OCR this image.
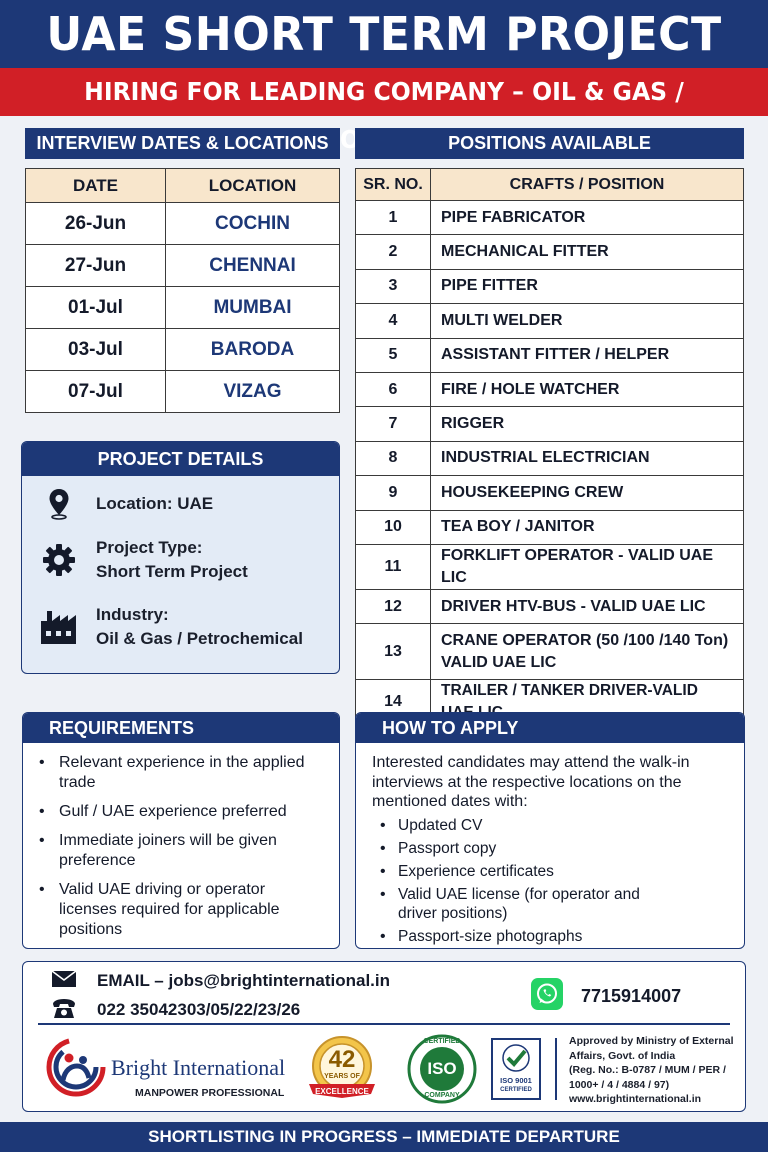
UAE SHORT TERM PROJECT
HIRING FOR LEADING COMPANY – OIL & GAS /
INTERVIEW DATES & LOCATIONS
DATE	LOCATION
26-Jun	COCHIN
27-Jun	CHENNAI
01-Jul	MUMBAI
03-Jul	BARODA
07-Jul	VIZAG
POSITIONS AVAILABLE
SR. NO.	CRAFTS / POSITION
1	PIPE FABRICATOR
2	MECHANICAL FITTER
3	PIPE FITTER
4	MULTI WELDER
5	ASSISTANT FITTER / HELPER
6	FIRE / HOLE WATCHER
7	RIGGER
8	INDUSTRIAL ELECTRICIAN
9	HOUSEKEEPING CREW
10	TEA BOY / JANITOR
11	FORKLIFT OPERATOR - VALID UAE LIC
12	DRIVER HTV-BUS - VALID UAE LIC
13	CRANE OPERATOR (50 /100 /140 Ton)
VALID UAE LIC

14	TRAILER / TANKER DRIVER-VALID
PROJECT DETAILS
Location: UAE
Project Type:
Short Term Project
Industry:
Oil & Gas / Petrochemical
REQUIREMENTS
• Relevant experience in the applied trade
• Gulf / UAE experience preferred
• Immediate joiners will be given preference
• Valid UAE driving or operator licenses required for applicable positions
HOW TO APPLY
Interested candidates may attend the walk-in interviews at the respective locations on the mentioned dates with:
• Updated CV
• Passport copy
• Experience certificates
• Valid UAE license (for operator and driver positions)
• Passport-size photographs
EMAIL – jobs@brightinternational.in
022 35042303/05/22/23/26
7715914007
Bright International
MANPOWER PROFESSIONAL
42
YEARS OF
EXCELLENCE
CERTIFIED
ISO
COMPANY
ISO 9001
CERTIFIED
Approved by Ministry of External
Affairs, Govt. of India
(Reg. No.: B-0787 / MUM / PER /
1000+ / 4 / 4884 / 97)
www.brightinternational.in
SHORTLISTING IN PROGRESS – IMMEDIATE DEPARTURE
